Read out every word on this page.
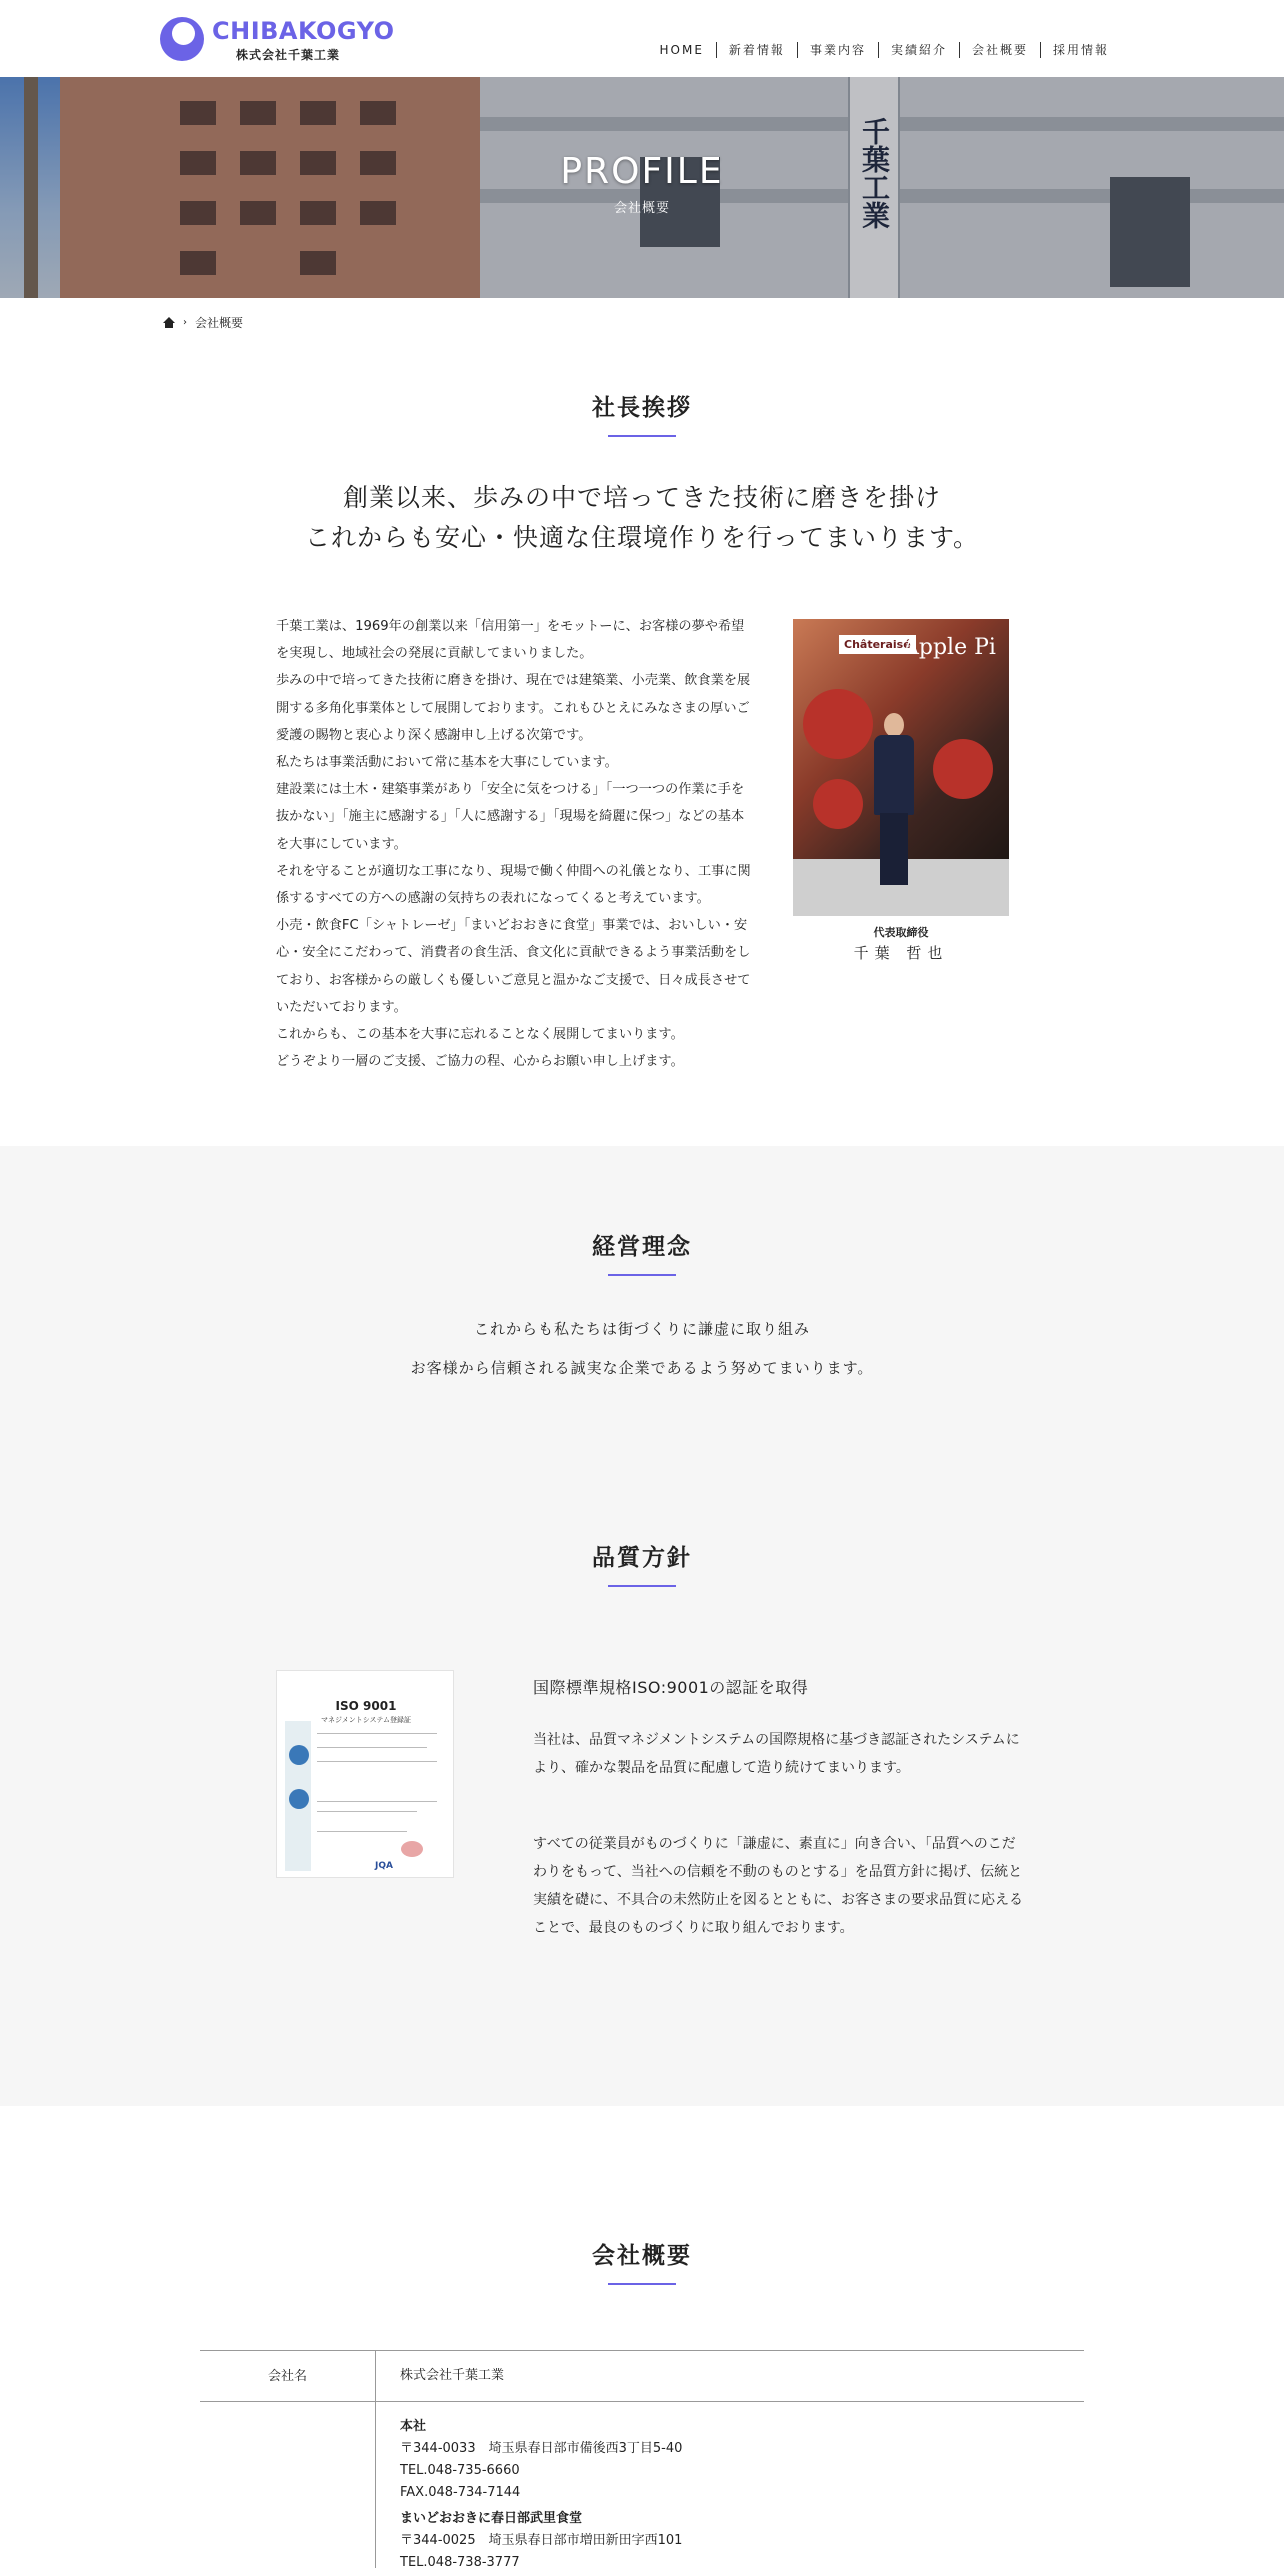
CHIBAKOGYO
株式会社千葉工業	HOME	新着情報	事業内容	実績紹介	会社概要	採用情報
千葉工業
PROFILE
会社概要
› 会社概要
社長挨拶
創業以来、歩みの中で培ってきた技術に磨きを掛け
これからも安心・快適な住環境作りを行ってまいります。

千葉工業は、1969年の創業以来「信用第一」をモットーに、お客様の夢や希望を実現し、地域社会の発展に貢献してまいりました。

歩みの中で培ってきた技術に磨きを掛け、現在では建築業、小売業、飲食業を展開する多角化事業体として展開しております。これもひとえにみなさまの厚いご愛護の賜物と衷心より深く感謝申し上げる次第です。

私たちは事業活動において常に基本を大事にしています。

建設業には土木・建築事業があり「安全に気をつける」「一つ一つの作業に手を抜かない」「施主に感謝する」「人に感謝する」「現場を綺麗に保つ」などの基本を大事にしています。

それを守ることが適切な工事になり、現場で働く仲間への礼儀となり、工事に関係するすべての方への感謝の気持ちの表れになってくると考えています。

小売・飲食FC「シャトレーゼ」「まいどおおきに食堂」事業では、おいしい・安心・安全にこだわって、消費者の食生活、食文化に貢献できるよう事業活動をしており、お客様からの厳しくも優しいご意見と温かなご支援で、日々成長させていただいております。

これからも、この基本を大事に忘れることなく展開してまいります。

どうぞより一層のご支援、ご協力の程、心からお願い申し上げます。

Châteraisé
Apple Pi
代表取締役
千葉 哲也
経営理念
これからも私たちは街づくりに謙虚に取り組み
お客様から信頼される誠実な企業であるよう努めてまいります。
品質方針
ISO 9001
マネジメントシステム登録証
JQA
国際標準規格ISO:9001の認証を取得
当社は、品質マネジメントシステムの国際規格に基づき認証されたシステムにより、確かな製品を品質に配慮して造り続けてまいります。
すべての従業員がものづくりに「謙虚に、素直に」向き合い、「品質へのこだわりをもって、当社への信頼を不動のものとする」を品質方針に掲げ、伝統と実績を礎に、不具合の未然防止を図るとともに、お客さまの要求品質に応えることで、最良のものづくりに取り組んでおります。
会社概要
会社名	株式会社千葉工業
本社
〒344-0033　埼玉県春日部市備後西3丁目5-40
TEL.048-735-6660
FAX.048-734-7144
まいどおおきに春日部武里食堂
〒344-0025　埼玉県春日部市増田新田字西101
TEL.048-738-3777
